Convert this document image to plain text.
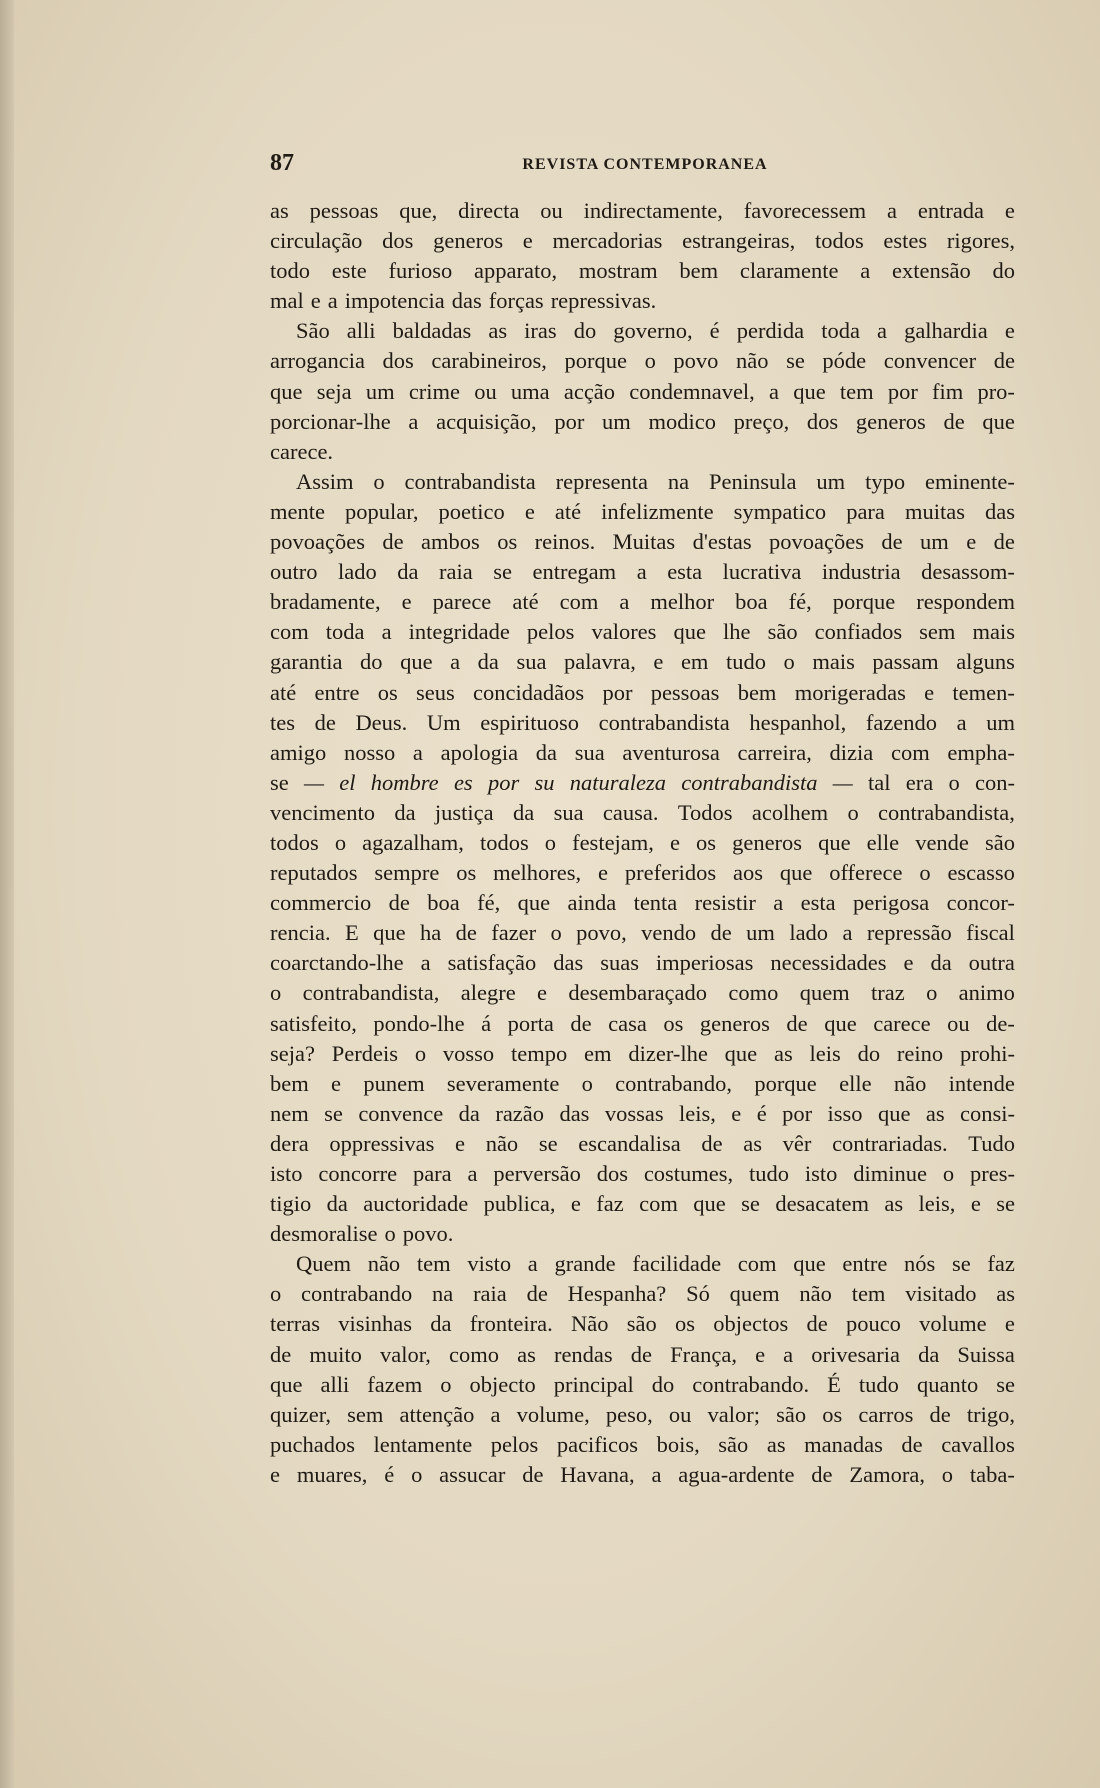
87	REVISTA CONTEMPORANEA
as pessoas que, directa ou indirectamente, favorecessem a entrada e
circulação dos generos e mercadorias estrangeiras, todos estes rigores,
todo este furioso apparato, mostram bem claramente a extensão do
mal e a impotencia das forças repressivas.
São alli baldadas as iras do governo, é perdida toda a galhardia e
arrogancia dos carabineiros, porque o povo não se póde convencer de
que seja um crime ou uma acção condemnavel, a que tem por fim pro-
porcionar-lhe a acquisição, por um modico preço, dos generos de que
carece.
Assim o contrabandista representa na Peninsula um typo eminente-
mente popular, poetico e até infelizmente sympatico para muitas das
povoações de ambos os reinos. Muitas d'estas povoações de um e de
outro lado da raia se entregam a esta lucrativa industria desassom-
bradamente, e parece até com a melhor boa fé, porque respondem
com toda a integridade pelos valores que lhe são confiados sem mais
garantia do que a da sua palavra, e em tudo o mais passam alguns
até entre os seus concidadãos por pessoas bem morigeradas e temen-
tes de Deus. Um espirituoso contrabandista hespanhol, fazendo a um
amigo nosso a apologia da sua aventurosa carreira, dizia com empha-
se — el hombre es por su naturaleza contrabandista — tal era o con-
vencimento da justiça da sua causa. Todos acolhem o contrabandista,
todos o agazalham, todos o festejam, e os generos que elle vende são
reputados sempre os melhores, e preferidos aos que offerece o escasso
commercio de boa fé, que ainda tenta resistir a esta perigosa concor-
rencia. E que ha de fazer o povo, vendo de um lado a repressão fiscal
coarctando-lhe a satisfação das suas imperiosas necessidades e da outra
o contrabandista, alegre e desembaraçado como quem traz o animo
satisfeito, pondo-lhe á porta de casa os generos de que carece ou de-
seja? Perdeis o vosso tempo em dizer-lhe que as leis do reino prohi-
bem e punem severamente o contrabando, porque elle não intende
nem se convence da razão das vossas leis, e é por isso que as consi-
dera oppressivas e não se escandalisa de as vêr contrariadas. Tudo
isto concorre para a perversão dos costumes, tudo isto diminue o pres-
tigio da auctoridade publica, e faz com que se desacatem as leis, e se
desmoralise o povo.
Quem não tem visto a grande facilidade com que entre nós se faz
o contrabando na raia de Hespanha? Só quem não tem visitado as
terras visinhas da fronteira. Não são os objectos de pouco volume e
de muito valor, como as rendas de França, e a orivesaria da Suissa
que alli fazem o objecto principal do contrabando. É tudo quanto se
quizer, sem attenção a volume, peso, ou valor; são os carros de trigo,
puchados lentamente pelos pacificos bois, são as manadas de cavallos
e muares, é o assucar de Havana, a agua-ardente de Zamora, o taba-
